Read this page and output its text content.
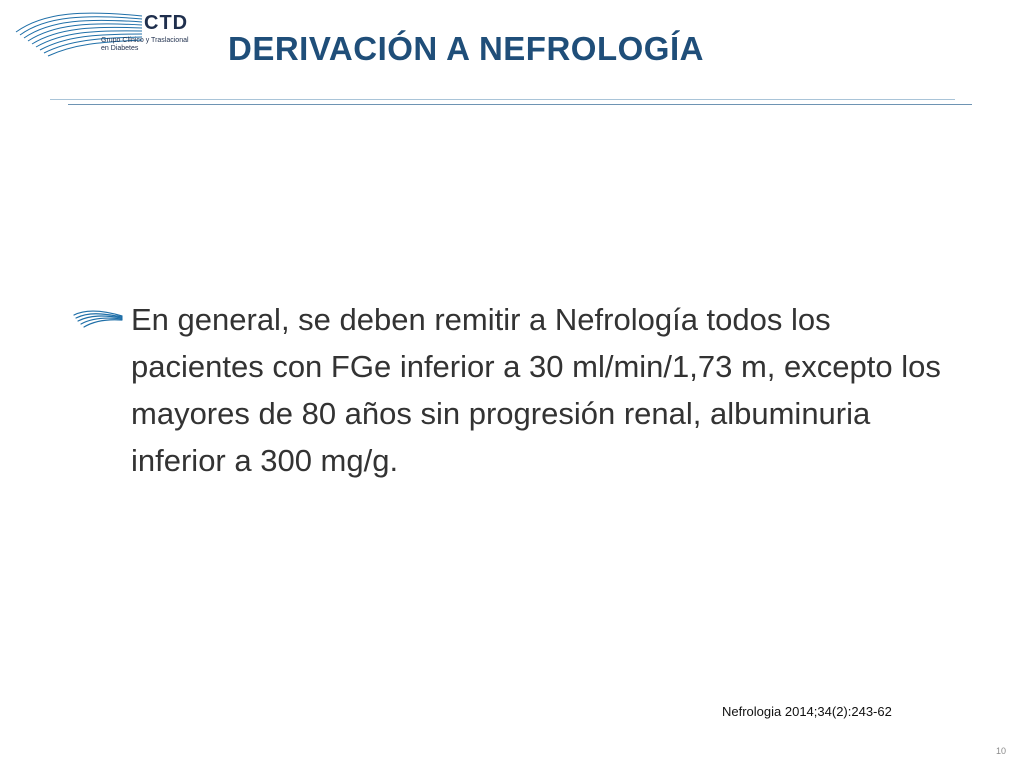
CTD
Grupo Clínico y Traslacional
en Diabetes	DERIVACIÓN A NEFROLOGÍA

En general, se deben remitir a Nefrología todos los pacientes con FGe inferior a 30 ml/min/1,73 m, excepto los mayores de 80 años sin progresión renal, albuminuria inferior a 300 mg/g.

Nefrologia 2014;34(2):243-62
10
